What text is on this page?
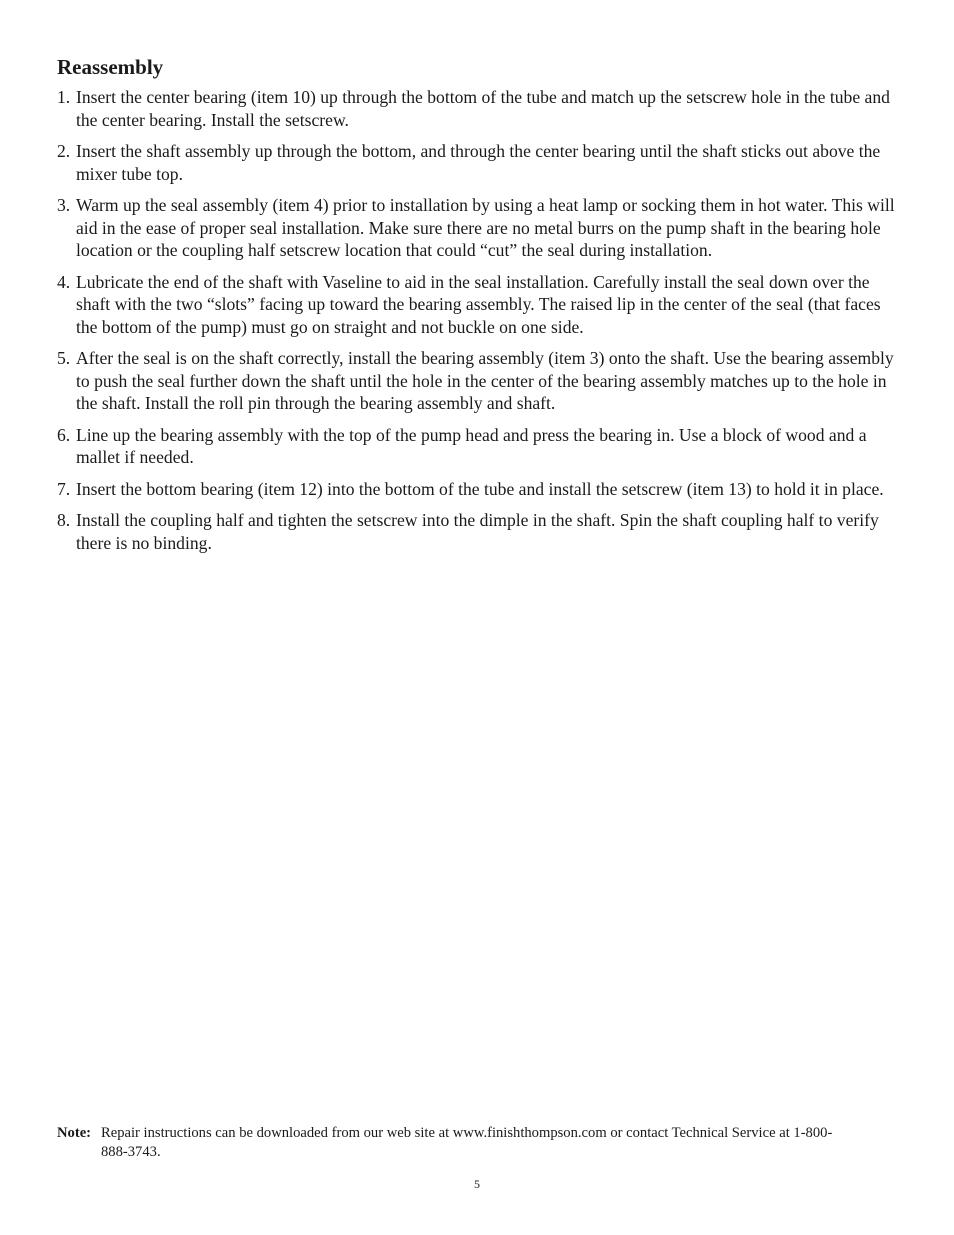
Reassembly
1. Insert the center bearing (item 10) up through the bottom of the tube and match up the setscrew hole in the tube and the center bearing. Install the setscrew.
2. Insert the shaft assembly up through the bottom, and through the center bearing until the shaft sticks out above the mixer tube top.
3. Warm up the seal assembly (item 4) prior to installation by using a heat lamp or socking them in hot water. This will aid in the ease of proper seal installation. Make sure there are no metal burrs on the pump shaft in the bearing hole location or the coupling half setscrew location that could “cut” the seal during installation.
4. Lubricate the end of the shaft with Vaseline to aid in the seal installation. Carefully install the seal down over the shaft with the two “slots” facing up toward the bearing assembly. The raised lip in the center of the seal (that faces the bottom of the pump) must go on straight and not buckle on one side.
5. After the seal is on the shaft correctly, install the bearing assembly (item 3) onto the shaft. Use the bearing assembly to push the seal further down the shaft until the hole in the center of the bearing assembly matches up to the hole in the shaft. Install the roll pin through the bearing assembly and shaft.
6. Line up the bearing assembly with the top of the pump head and press the bearing in. Use a block of wood and a mallet if needed.
7. Insert the bottom bearing (item 12) into the bottom of the tube and install the setscrew (item 13) to hold it in place.
8. Install the coupling half and tighten the setscrew into the dimple in the shaft. Spin the shaft coupling half to verify there is no binding.
Note: Repair instructions can be downloaded from our web site at www.finishthompson.com or contact Technical Service at 1-800-888-3743.
5
